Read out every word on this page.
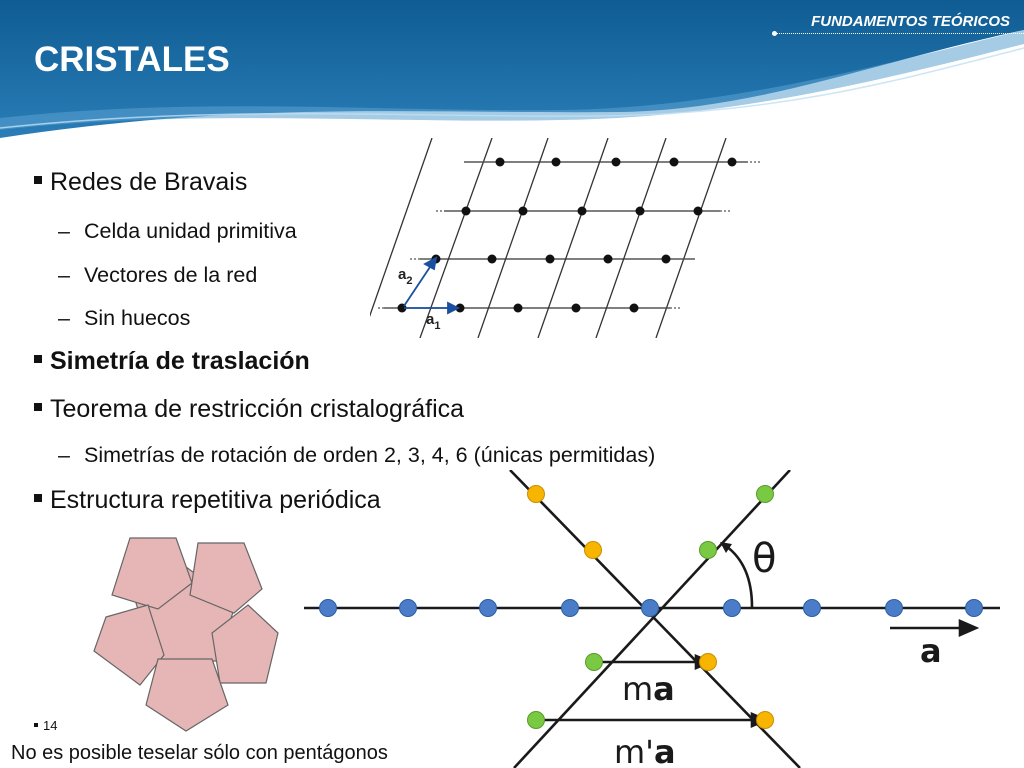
FUNDAMENTOS TEÓRICOS
CRISTALES
Redes de Bravais
– Celda unidad primitiva
– Vectores de la red
– Sin huecos
Simetría de traslación
Teorema de restricción cristalográfica
– Simetrías de rotación de orden 2, 3, 4, 6 (únicas permitidas)
Estructura repetitiva periódica
$a_2$
$a_1$
θ
a
ma
m'a
14
No es posible teselar sólo con pentágonos
